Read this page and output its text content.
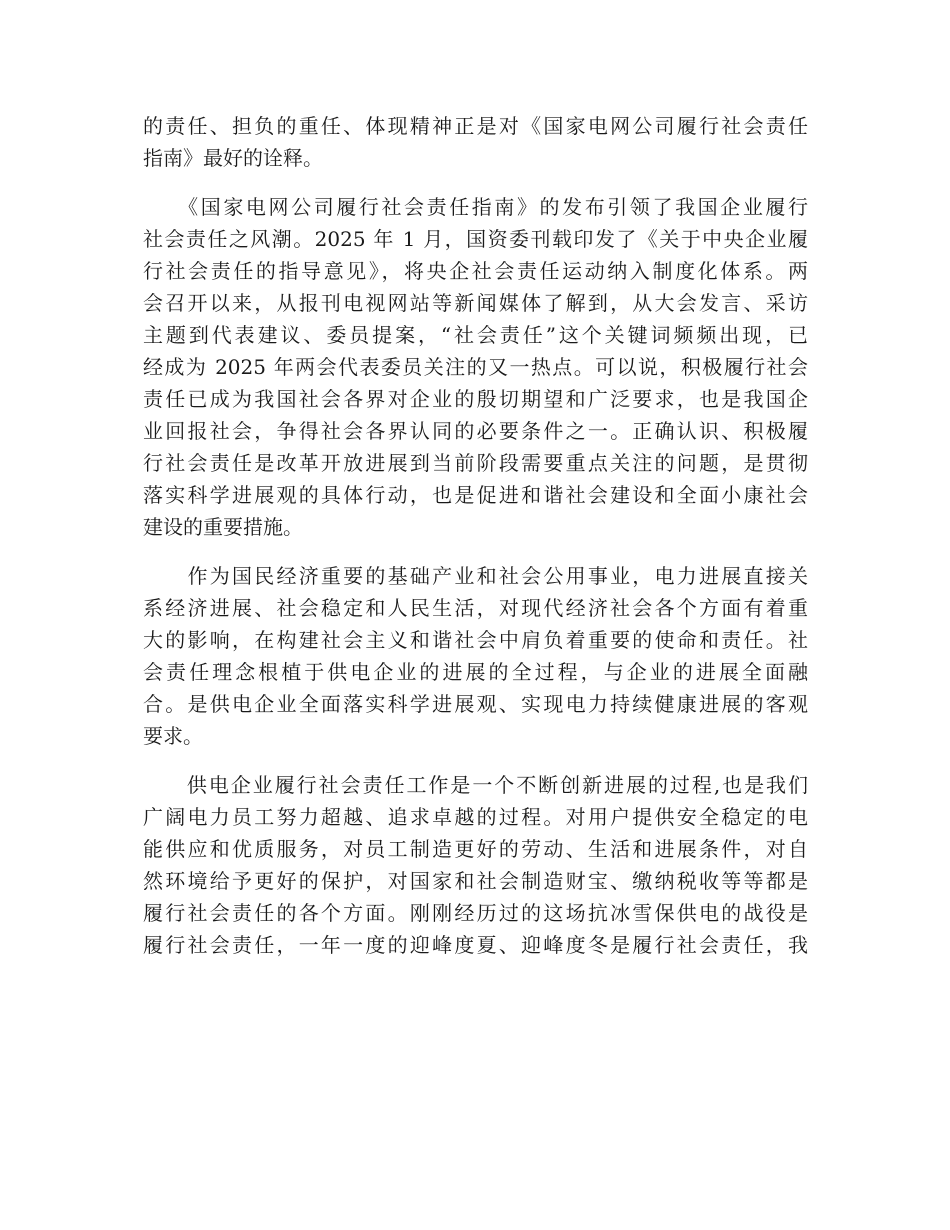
的责任、担负的重任、体现精神正是对《国家电网公司履行社会责任
指南》最好的诠释。

　　《国家电网公司履行社会责任指南》的发布引领了我国企业履行
社会责任之风潮。2025 年 1 月，国资委刊载印发了《关于中央企业履
行社会责任的指导意见》，将央企社会责任运动纳入制度化体系。两
会召开以来，从报刊电视网站等新闻媒体了解到，从大会发言、采访
主题到代表建议、委员提案，“社会责任”这个关键词频频出现，已
经成为 2025 年两会代表委员关注的又一热点。可以说，积极履行社会
责任已成为我国社会各界对企业的殷切期望和广泛要求，也是我国企
业回报社会，争得社会各界认同的必要条件之一。正确认识、积极履
行社会责任是改革开放进展到当前阶段需要重点关注的问题，是贯彻
落实科学进展观的具体行动，也是促进和谐社会建设和全面小康社会
建设的重要措施。

　　作为国民经济重要的基础产业和社会公用事业，电力进展直接关
系经济进展、社会稳定和人民生活，对现代经济社会各个方面有着重
大的影响，在构建社会主义和谐社会中肩负着重要的使命和责任。社
会责任理念根植于供电企业的进展的全过程，与企业的进展全面融
合。是供电企业全面落实科学进展观、实现电力持续健康进展的客观
要求。

　　供电企业履行社会责任工作是一个不断创新进展的过程,也是我们
广阔电力员工努力超越、追求卓越的过程。对用户提供安全稳定的电
能供应和优质服务，对员工制造更好的劳动、生活和进展条件，对自
然环境给予更好的保护，对国家和社会制造财宝、缴纳税收等等都是
履行社会责任的各个方面。刚刚经历过的这场抗冰雪保供电的战役是
履行社会责任，一年一度的迎峰度夏、迎峰度冬是履行社会责任，我
